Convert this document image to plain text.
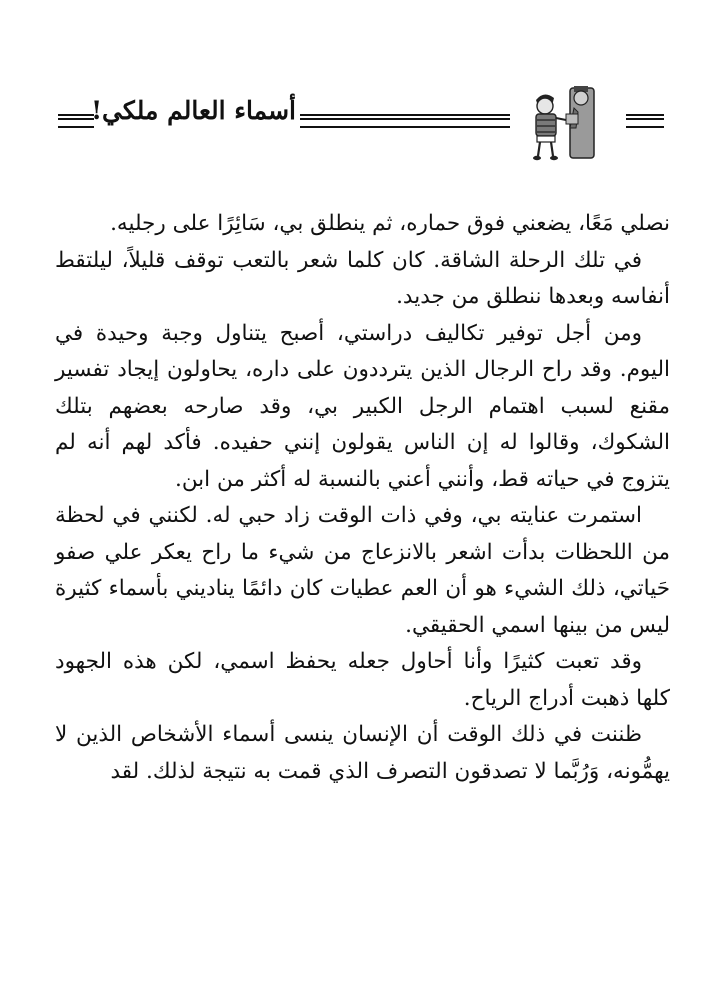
أسماء العالم ملكي!

نصلي مَعًا، يضعني فوق حماره، ثم ينطلق بي، سَائِرًا على رجليه.

في تلك الرحلة الشاقة. كان كلما شعر بالتعب توقف قليلاً، ليلتقط أنفاسه وبعدها ننطلق من جديد.

ومن أجل توفير تكاليف دراستي، أصبح يتناول وجبة وحيدة في اليوم. وقد راح الرجال الذين يترددون على داره، يحاولون إيجاد تفسير مقنع لسبب اهتمام الرجل الكبير بي، وقد صارحه بعضهم بتلك الشكوك، وقالوا له إن الناس يقولون إنني حفيده. فأكد لهم أنه لم يتزوج في حياته قط، وأنني أعني بالنسبة له أكثر من ابن.

استمرت عنايته بي، وفي ذات الوقت زاد حبي له. لكنني في لحظة من اللحظات بدأت اشعر بالانزعاج من شيء ما راح يعكر علي صفو حَياتي، ذلك الشيء هو أن العم عطيات كان دائمًا يناديني بأسماء كثيرة ليس من بينها اسمي الحقيقي.

وقد تعبت كثيرًا وأنا أحاول جعله يحفظ اسمي، لكن هذه الجهود كلها ذهبت أدراج الرياح.

ظننت في ذلك الوقت أن الإنسان ينسى أسماء الأشخاص الذين لا يهمُّونه، وَرُبَّما لا تصدقون التصرف الذي قمت به نتيجة لذلك. لقد
